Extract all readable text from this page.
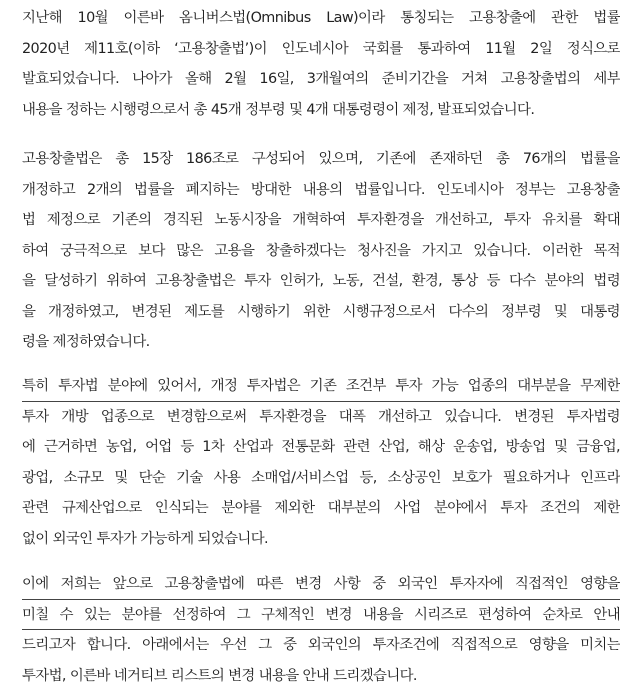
지난해 10월 이른바 옴니버스법(Omnibus Law)이라 통칭되는 고용창출에 관한 법률
2020년 제11호(이하 ‘고용창출법’)이 인도네시아 국회를 통과하여 11월 2일 정식으로
발효되었습니다. 나아가 올해 2월 16일, 3개월여의 준비기간을 거쳐 고용창출법의 세부
내용을 정하는 시행령으로서 총 45개 정부령 및 4개 대통령령이 제정, 발표되었습니다.

고용창출법은 총 15장 186조로 구성되어 있으며, 기존에 존재하던 총 76개의 법률을
개정하고 2개의 법률을 폐지하는 방대한 내용의 법률입니다. 인도네시아 정부는 고용창출
법 제정으로 기존의 경직된 노동시장을 개혁하여 투자환경을 개선하고, 투자 유치를 확대
하여 궁극적으로 보다 많은 고용을 창출하겠다는 청사진을 가지고 있습니다. 이러한 목적
을 달성하기 위하여 고용창출법은 투자 인허가, 노동, 건설, 환경, 통상 등 다수 분야의 법령
을 개정하였고, 변경된 제도를 시행하기 위한 시행규정으로서 다수의 정부령 및 대통령
령을 제정하였습니다.

특히 투자법 분야에 있어서, 개정 투자법은 기존 조건부 투자 가능 업종의 대부분을 무제한
투자 개방 업종으로 변경함으로써 투자환경을 대폭 개선하고 있습니다. 변경된 투자법령
에 근거하면 농업, 어업 등 1차 산업과 전통문화 관련 산업, 해상 운송업, 방송업 및 금융업,
광업, 소규모 및 단순 기술 사용 소매업/서비스업 등, 소상공인 보호가 필요하거나 인프라
관련 규제산업으로 인식되는 분야를 제외한 대부분의 사업 분야에서 투자 조건의 제한
없이 외국인 투자가 가능하게 되었습니다.

이에 저희는 앞으로 고용창출법에 따른 변경 사항 중 외국인 투자자에 직접적인 영향을
미칠 수 있는 분야를 선정하여 그 구체적인 변경 내용을 시리즈로 편성하여 순차로 안내
드리고자 합니다. 아래에서는 우선 그 중 외국인의 투자조건에 직접적으로 영향을 미치는
투자법, 이른바 네거티브 리스트의 변경 내용을 안내 드리겠습니다.
